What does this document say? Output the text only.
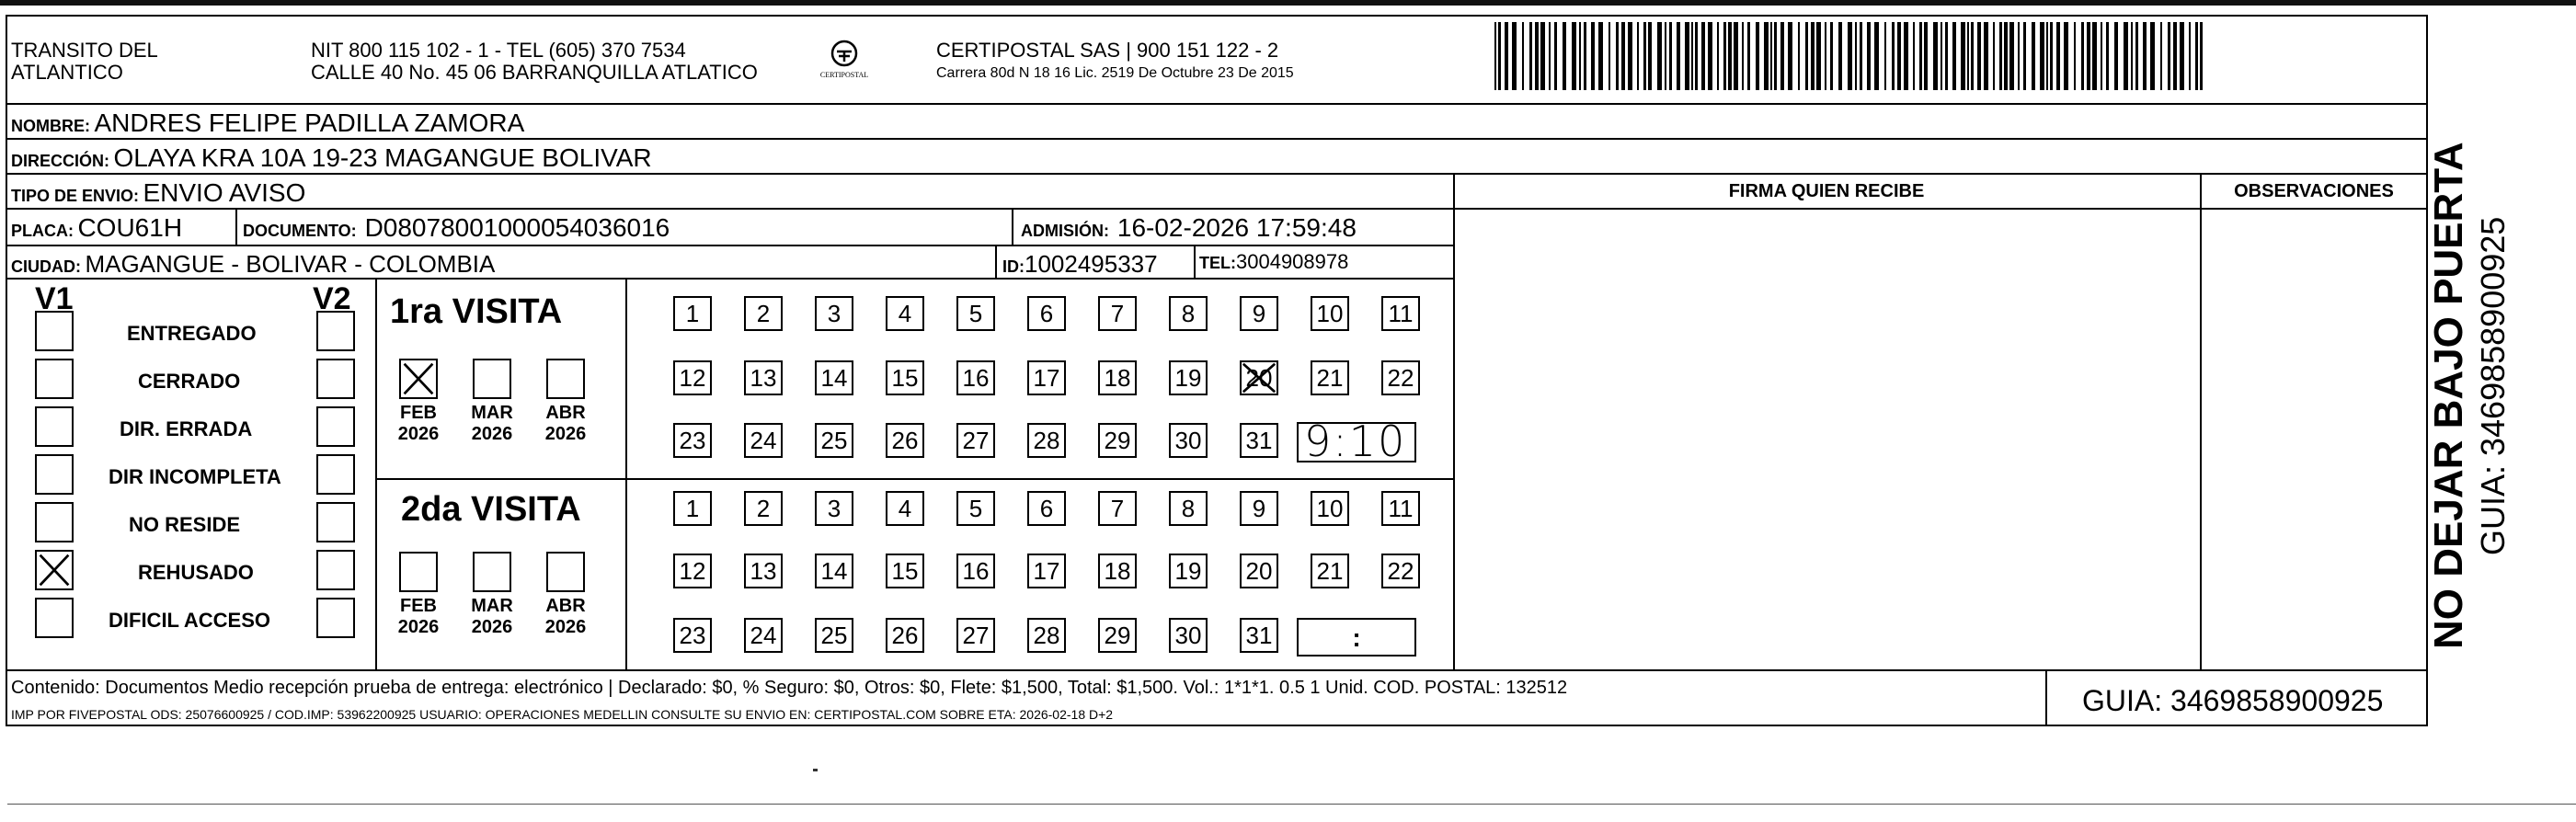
TRANSITO DEL
ATLANTICO
NIT 800 115 102 - 1 - TEL (605) 370 7534
CALLE 40 No. 45 06 BARRANQUILLA ATLATICO	CERTIPOSTAL
CERTIPOSTAL SAS | 900 151 122 - 2
Carrera 80d N 18 16 Lic. 2519 De Octubre 23 De 2015
NOMBRE: ANDRES FELIPE PADILLA ZAMORA
DIRECCIÓN: OLAYA KRA 10A 19-23 MAGANGUE BOLIVAR
TIPO DE ENVIO: ENVIO AVISO
PLACA: COU61H	DOCUMENTO: D08078001000054036016	ADMISIÓN: 16-02-2026 17:59:48
CIUDAD: MAGANGUE - BOLIVAR - COLOMBIA	ID:1002495337	TEL:3004908978
FIRMA QUIEN RECIBE	OBSERVACIONES
V1	V2
ENTREGADO
CERRADO
DIR. ERRADA
DIR INCOMPLETA
NO RESIDE
REHUSADO
DIFICIL ACCESO
1ra VISITA
FEB
2026
MAR
2026
ABR
2026
1	2	3	4	5	6	7	8	9	10 11
12 13 14 15 16 17 18 19 20 21 22
23 24 25 26 27 28 29 30 31 9:10
2da VISITA
FEB
2026
MAR
2026
ABR
2026
1	2	3	4	5	6	7	8	9	10 11
12 13 14 15 16 17 18 19 20 21 22
23 24 25 26 27 28 29 30 31	:
Contenido: Documentos Medio recepción prueba de entrega: electrónico | Declarado: $0, % Seguro: $0, Otros: $0, Flete: $1,500, Total: $1,500. Vol.: 1*1*1. 0.5 1 Unid. COD. POSTAL: 132512
IMP POR FIVEPOSTAL ODS: 25076600925 / COD.IMP: 53962200925 USUARIO: OPERACIONES MEDELLIN CONSULTE SU ENVIO EN: CERTIPOSTAL.COM SOBRE ETA: 2026-02-18 D+2	GUIA: 3469858900925
NO DEJAR BAJO PUERTA GUIA: 3469858900925
